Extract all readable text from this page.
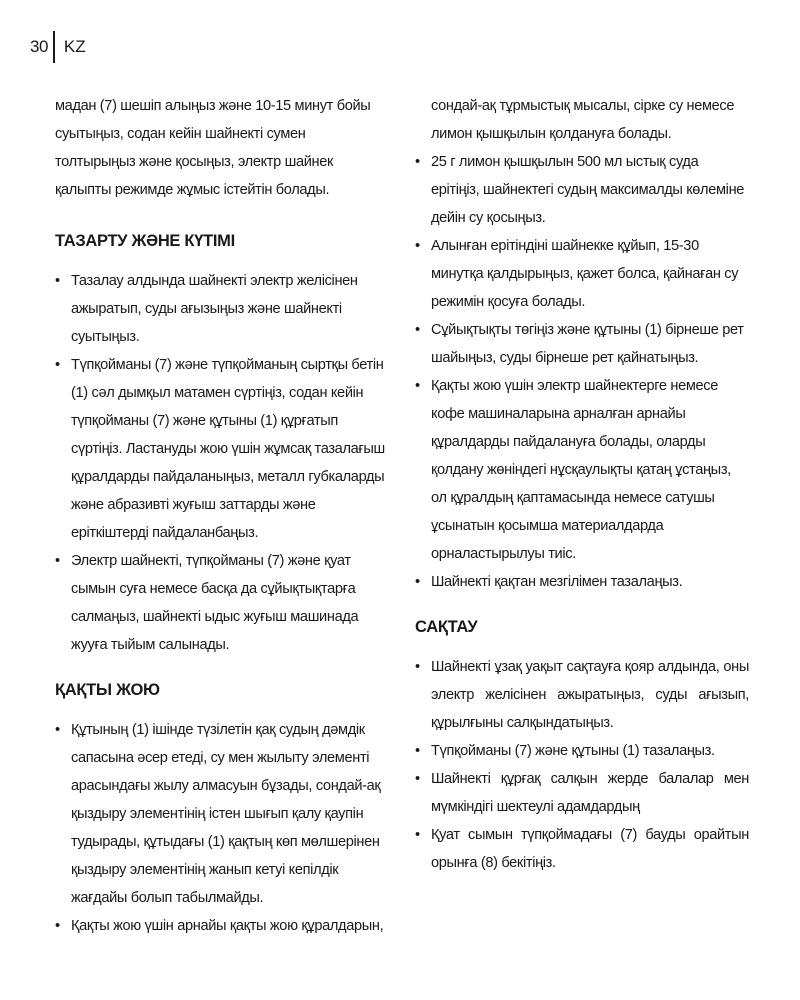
30 KZ

мадан (7) шешіп алыңыз және 10-15 минут бойы суытыңыз, содан кейін шайнекті сумен толтырыңыз және қосыңыз, электр шайнек қалыпты режимде жұмыс істейтін болады.

ТАЗАРТУ ЖӘНЕ КҮТІМІ
• Тазалау алдында шайнекті электр желісінен ажыратып, суды ағызыңыз және шайнекті суытыңыз.
• Түпқойманы (7) және түпқойманың сыртқы бетін (1) сәл дымқыл матамен сүртіңіз, содан кейін түпқойманы (7) және құтыны (1) құрғатып сүртіңіз. Ластануды жою үшін жұмсақ тазалағыш құралдарды пайдаланыңыз, металл губкаларды және абразивті жуғыш заттарды және еріткіштерді пайдаланбаңыз.
• Электр шайнекті, түпқойманы (7) және қуат сымын суға немесе басқа да сұйықтықтарға салмаңыз, шайнекті ыдыс жуғыш машинада жууға тыйым салынады.
ҚАҚТЫ ЖОЮ
• Құтының (1) ішінде түзілетін қақ судың дәмдік сапасына әсер етеді, су мен жылыту элементі арасындағы жылу алмасуын бұзады, сондай-ақ қыздыру элементінің істен шығып қалу қаупін тудырады, құтыдағы (1) қақтың көп мөлшерінен қыздыру элементінің жанып кетуі кепілдік жағдайы болып табылмайды.
• Қақты жою үшін арнайы қақты жою құралдарын,

сондай-ақ тұрмыстық мысалы, сірке су немесе лимон қышқылын қолдануға болады.

• 25 г лимон қышқылын 500 мл ыстық суда ерітіңіз, шайнектегі судың максималды көлеміне дейін су қосыңыз.
• Алынған ерітіндіні шайнекке құйып, 15-30 минутқа қалдырыңыз, қажет болса, қайнаған су режимін қосуға болады.
• Сұйықтықты төгіңіз және құтыны (1) бірнеше рет шайыңыз, суды бірнеше рет қайнатыңыз.
• Қақты жою үшін электр шайнектерге немесе кофе машиналарына арналған арнайы құралдарды пайдалануға болады, оларды қолдану жөніндегі нұсқаулықты қатаң ұстаңыз, ол құралдың қаптамасында немесе сатушы ұсынатын қосымша материалдарда орналастырылуы тиіс.
• Шайнекті қақтан мезгілімен тазалаңыз.
САҚТАУ
• Шайнекті ұзақ уақыт сақтауға қояр алдында, оны электр желісінен ажыратыңыз, суды ағызып, құрылғыны салқындатыңыз.
• Түпқойманы (7) және құтыны (1) тазалаңыз.
• Шайнекті құрғақ салқын жерде балалар мен мүмкіндігі шектеулі адамдардың
• Қуат сымын түпқоймадағы (7) бауды орайтын орынға (8) бекітіңіз.
